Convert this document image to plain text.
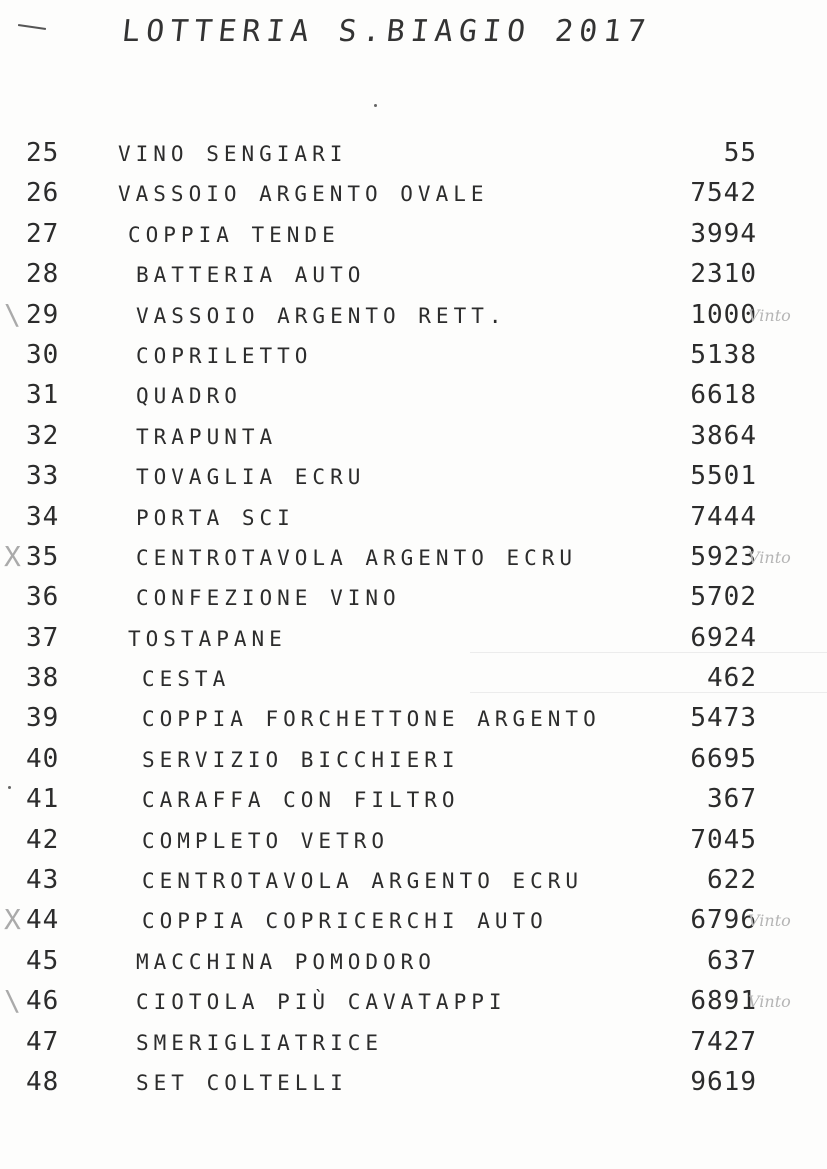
LOTTERIA S.BIAGIO 2017
25	VINO SENGIARI	55
26	VASSOIO ARGENTO OVALE	7542
27	COPPIA TENDE	3994
28	BATTERIA AUTO	2310
\ 29	VASSOIO ARGENTO RETT.	1000
Vinto
30	COPRILETTO	5138
31	QUADRO	6618
32	TRAPUNTA	3864
33	TOVAGLIA ECRU	5501
34	PORTA SCI	7444
X 35	CENTROTAVOLA ARGENTO ECRU	5923
Vinto
36	CONFEZIONE VINO	5702
37	TOSTAPANE	6924
38	CESTA	462
39	COPPIA FORCHETTONE ARGENTO	5473
40	SERVIZIO BICCHIERI	6695
41	CARAFFA CON FILTRO	367
42	COMPLETO VETRO	7045
43	CENTROTAVOLA ARGENTO ECRU	622
X 44	COPPIA COPRICERCHI AUTO	6796
Vinto
45	MACCHINA POMODORO	637
\ 46	CIOTOLA PIÙ CAVATAPPI	6891
Vinto
47	SMERIGLIATRICE	7427
48	SET COLTELLI	9619
